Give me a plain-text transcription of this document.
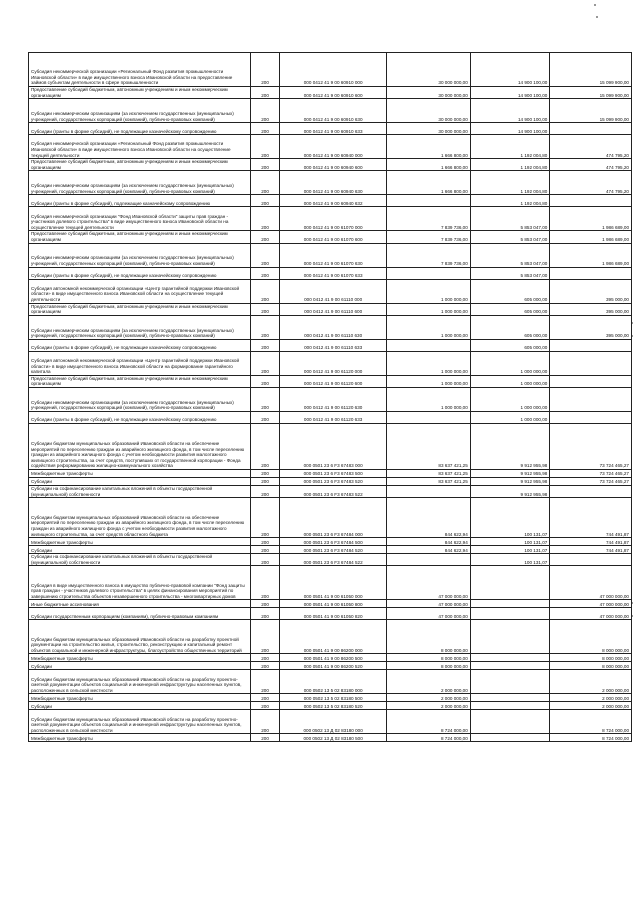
Субсидия некоммерческой организации «Региональный Фонд развития промышленности Ивановской области» в виде имущественного взноса Ивановской области на предоставление займов субъектам деятельности в сфере промышленности	200	000 0412 41 9 00 60910 000	30 000 000,00	14 900 100,00	15 099 900,00
Предоставление субсидий бюджетным, автономным учреждениям и иным некоммерческим организациям	200	000 0412 41 9 00 60910 600	30 000 000,00	14 900 100,00	15 099 900,00
Субсидии некоммерческим организациям (за исключением государственных (муниципальных) учреждений, государственных корпораций (компаний), публично-правовых компаний)	200	000 0412 41 9 00 60910 630	30 000 000,00	14 900 100,00	15 099 900,00
Субсидии (гранты в форме субсидий), не подлежащие казначейскому сопровождению	200	000 0412 41 9 00 60910 633	30 000 000,00	14 900 100,00	
Субсидия некоммерческой организации «Региональный Фонд развития промышленности Ивановской области» в виде имущественного взноса Ивановской области на осуществление текущей деятельности	200	000 0412 41 9 00 60940 000	1 666 800,00	1 192 004,80	474 795,20
Предоставление субсидий бюджетным, автономным учреждениям и иным некоммерческим организациям	200	000 0412 41 9 00 60940 600	1 666 800,00	1 192 004,80	474 795,20
Субсидии некоммерческим организациям (за исключением государственных (муниципальных) учреждений, государственных корпораций (компаний), публично-правовых компаний)	200	000 0412 41 9 00 60940 630	1 666 800,00	1 192 004,80	474 795,20
Субсидии (гранты в форме субсидий), подлежащие казначейскому сопровождению	200	000 0412 41 9 00 60940 632		1 192 004,80	
Субсидия некоммерческой организации "Фонд Ивановской области" защиты прав граждан - участников долевого строительства" в виде имущественного взноса Ивановской области на осуществление текущей деятельности	200	000 0412 41 9 00 61070 000	7 839 736,00	5 853 047,00	1 986 689,00
Предоставление субсидий бюджетным, автономным учреждениям и иным некоммерческим организациям	200	000 0412 41 9 00 61070 600	7 839 736,00	5 853 047,00	1 986 689,00
Субсидии некоммерческим организациям (за исключением государственных (муниципальных) учреждений, государственных корпораций (компаний), публично-правовых компаний)	200	000 0412 41 9 00 61070 630	7 839 736,00	5 853 047,00	1 986 689,00
Субсидии (гранты в форме субсидий), не подлежащие казначейскому сопровождению	200	000 0412 41 9 00 61070 633		5 853 047,00	
Субсидия автономной некоммерческой организации «Центр гарантийной поддержки Ивановской области» в виде имущественного взноса Ивановской области на осуществление текущей деятельности	200	000 0412 41 9 00 61110 000	1 000 000,00	605 000,00	395 000,00
Предоставление субсидий бюджетным, автономным учреждениям и иным некоммерческим организациям	200	000 0412 41 9 00 61110 600	1 000 000,00	605 000,00	395 000,00
Субсидии некоммерческим организациям (за исключением государственных (муниципальных) учреждений, государственных корпораций (компаний), публично-правовых компаний)	200	000 0412 41 9 00 61110 630	1 000 000,00	605 000,00	395 000,00
Субсидии (гранты в форме субсидий), не подлежащие казначейскому сопровождению	200	000 0412 41 9 00 61110 633		605 000,00	
Субсидия автономной некоммерческой организации «Центр гарантийной поддержки Ивановской области» в виде имущественного взноса Ивановской области на формирование гарантийного капитала	200	000 0412 41 9 00 61120 000	1 000 000,00	1 000 000,00	
Предоставление субсидий бюджетным, автономным учреждениям и иным некоммерческим организациям	200	000 0412 41 9 00 61120 600	1 000 000,00	1 000 000,00	
Субсидии некоммерческим организациям (за исключением государственных (муниципальных) учреждений, государственных корпораций (компаний), публично-правовых компаний)	200	000 0412 41 9 00 61120 630	1 000 000,00	1 000 000,00	
Субсидии (гранты в форме субсидий), не подлежащие казначейскому сопровождению	200	000 0412 41 9 00 61120 633		1 000 000,00	
Субсидии бюджетам муниципальных образований Ивановской области на обеспечение мероприятий по переселению граждан из аварийного жилищного фонда, в том числе переселению граждан из аварийного жилищного фонда с учетом необходимости развития малоэтажного жилищного строительства, за счет средств, поступивших от государственной корпорации - Фонда содействия реформированию жилищно-коммунального хозяйства	200	000 0501 23 6 F3 67483 000	83 637 421,25	9 912 955,98	73 724 465,27
Межбюджетные трансферты	200	000 0501 23 6 F3 67483 500	83 637 421,25	9 912 955,98	73 724 465,27
Субсидии	200	000 0501 23 6 F3 67483 520	83 637 421,25	9 912 955,98	73 724 465,27
Субсидии на софинансирование капитальных вложений в объекты государственной (муниципальной) собственности	200	000 0501 23 6 F3 67483 522		9 912 955,98	
Субсидии бюджетам муниципальных образований Ивановской области на обеспечение мероприятий по переселению граждан из аварийного жилищного фонда, в том числе переселению граждан из аварийного жилищного фонда с учетом необходимости развития малоэтажного жилищного строительства, за счет средств областного бюджета	200	000 0501 23 6 F3 67484 000	844 622,94	100 131,07	744 491,87
Межбюджетные трансферты	200	000 0501 23 6 F3 67484 500	844 622,94	100 131,07	744 491,87
Субсидии	200	000 0501 23 6 F3 67484 520	844 622,94	100 131,07	744 491,87
Субсидии на софинансирование капитальных вложений в объекты государственной (муниципальной) собственности	200	000 0501 23 6 F3 67484 522		100 131,07	
Субсидия в виде имущественного взноса в имущество публично-правовой компании "Фонд защиты прав граждан - участников долевого строительства" в целях финансирования мероприятий по завершению строительства объектов незавершенного строительства - многоквартирных домов	200	000 0501 41 9 00 61050 000	47 000 000,00		47 000 000,00
Иные бюджетные ассигнования	200	000 0501 41 9 00 61050 800	47 000 000,00		47 000 000,00
Субсидии государственным корпорациям (компаниям), публично-правовым компаниям	200	000 0501 41 9 00 61050 820	47 000 000,00		47 000 000,00
Субсидии бюджетам муниципальных образований Ивановской области на разработку проектной документации на строительство жилья, строительство, реконструкцию и капитальный ремонт объектов социальной и инженерной инфраструктуры, благоустройство общественных территорий	200	000 0501 41 9 00 86200 000	8 000 000,00		8 000 000,00
Межбюджетные трансферты	200	000 0501 41 9 00 86200 500	8 000 000,00		8 000 000,00
Субсидии	200	000 0501 41 9 00 86200 520	8 000 000,00		8 000 000,00
Субсидии бюджетам муниципальных образований Ивановской области на разработку проектно-сметной документации объектов социальной и инженерной инфраструктуры населенных пунктов, расположенных в сельской местности	200	000 0502 13 5 02 83180 000	2 000 000,00		2 000 000,00
Межбюджетные трансферты	200	000 0502 13 5 02 83180 500	2 000 000,00		2 000 000,00
Субсидии	200	000 0502 13 5 02 83180 520	2 000 000,00		2 000 000,00
Субсидии бюджетам муниципальных образований Ивановской области на разработку проектно-сметной документации объектов социальной и инженерной инфраструктуры населенных пунктов, расположенных в сельской местности	200	000 0502 13 Д 02 83180 000	8 724 000,00		8 724 000,00
Межбюджетные трансферты	200	000 0502 13 Д 02 83180 500	8 724 000,00		8 724 000,00
